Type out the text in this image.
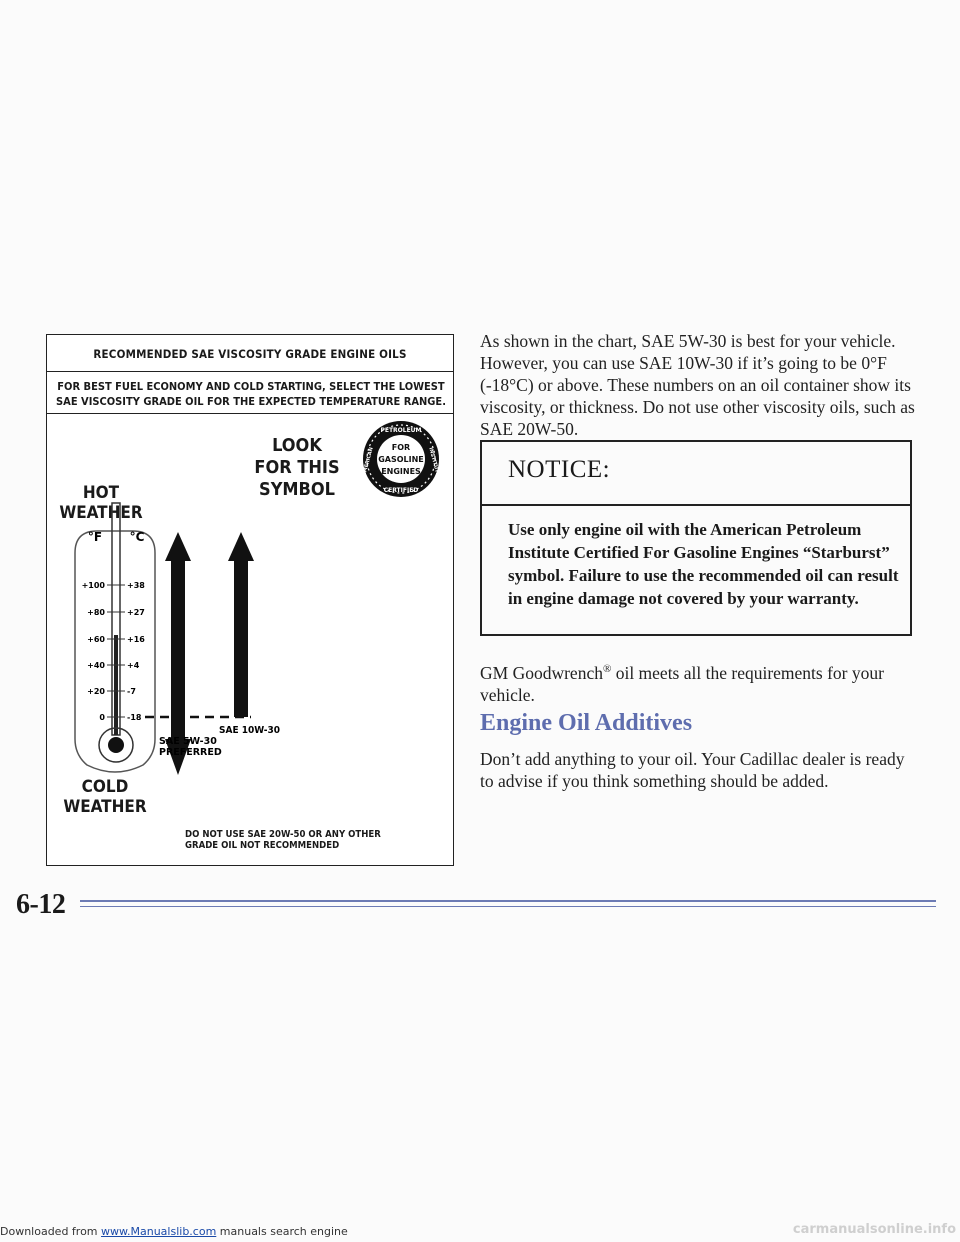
RECOMMENDED SAE VISCOSITY GRADE ENGINE OILS
FOR BEST FUEL ECONOMY AND COLD STARTING, SELECT THE LOWEST SAE VISCOSITY GRADE OIL FOR THE EXPECTED TEMPERATURE RANGE.
HOT
WEATHER
LOOK
FOR THIS
SYMBOL
COLD
WEATHER
°F °C
+100
+80
+60
+40
+20
0
+38
+27
+16
+4
-7
-18
SAE 10W-30
SAE 5W-30
PREFERRED
PETROLEUM
CERTIFIED
AMERICAN	INSTITUTE
FOR
GASOLINE
ENGINES
DO NOT USE SAE 20W-50 OR ANY OTHER
GRADE OIL NOT RECOMMENDED
As shown in the chart, SAE 5W-30 is best for your vehicle. However, you can use SAE 10W-30 if it’s going to be 0°F (-18°C) or above. These numbers on an oil container show its viscosity, or thickness. Do not use other viscosity oils, such as SAE 20W-50.
NOTICE:
Use only engine oil with the American Petroleum Institute Certified For Gasoline Engines “Starburst” symbol. Failure to use the recommended oil can result in engine damage not covered by your warranty.
GM Goodwrench® oil meets all the requirements for your vehicle.
Engine Oil Additives
Don’t add anything to your oil. Your Cadillac dealer is ready to advise if you think something should be added.
6-12
Downloaded from www.Manualslib.com manuals search engine	carmanualsonline.info
